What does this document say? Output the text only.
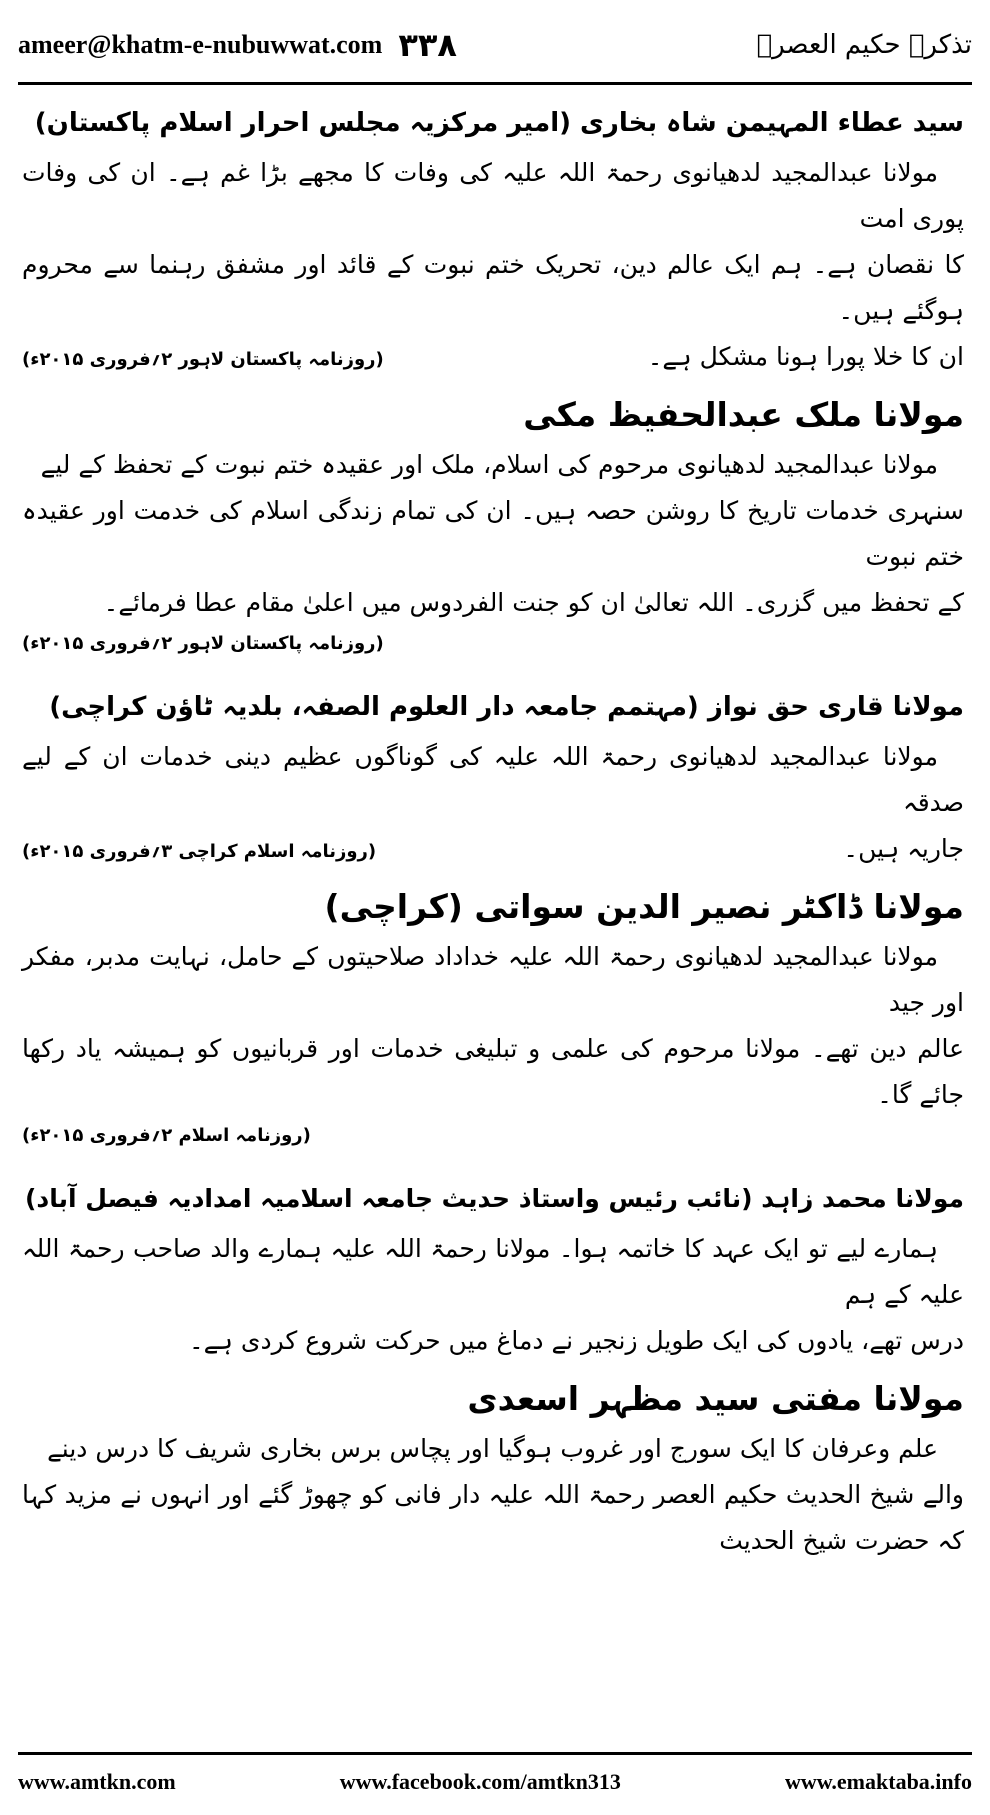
ameer@khatm-e-nubuwwat.com ۳۳۸	تذکرہ حکیم العصرؒ
سید عطاء المہیمن شاہ بخاری (امیر مرکزیہ مجلس احرار اسلام پاکستان)
مولانا عبدالمجید لدھیانوی رحمۃ اللہ علیہ کی وفات کا مجھے بڑا غم ہے۔ ان کی وفات پوری امت
کا نقصان ہے۔ ہم ایک عالم دین، تحریک ختم نبوت کے قائد اور مشفق رہنما سے محروم ہوگئے ہیں۔
ان کا خلا پورا ہونا مشکل ہے۔
(روزنامہ پاکستان لاہور ۲؍فروری ۲۰۱۵ء)
مولانا ملک عبدالحفیظ مکی
مولانا عبدالمجید لدھیانوی مرحوم کی اسلام، ملک اور عقیدہ ختم نبوت کے تحفظ کے لیے
سنہری خدمات تاریخ کا روشن حصہ ہیں۔ ان کی تمام زندگی اسلام کی خدمت اور عقیدہ ختم نبوت
کے تحفظ میں گزری۔ اللہ تعالیٰ ان کو جنت الفردوس میں اعلیٰ مقام عطا فرمائے۔
(روزنامہ پاکستان لاہور ۲؍فروری ۲۰۱۵ء)
مولانا قاری حق نواز (مہتمم جامعہ دار العلوم الصفہ، بلدیہ ٹاؤن کراچی)
مولانا عبدالمجید لدھیانوی رحمۃ اللہ علیہ کی گوناگوں عظیم دینی خدمات ان کے لیے صدقہ
جاریہ ہیں۔
(روزنامہ اسلام کراچی ۳؍فروری ۲۰۱۵ء)
مولانا ڈاکٹر نصیر الدین سواتی (کراچی)
مولانا عبدالمجید لدھیانوی رحمۃ اللہ علیہ خداداد صلاحیتوں کے حامل، نہایت مدبر، مفکر اور جید
عالم دین تھے۔ مولانا مرحوم کی علمی و تبلیغی خدمات اور قربانیوں کو ہمیشہ یاد رکھا جائے گا۔
(روزنامہ اسلام ۲؍فروری ۲۰۱۵ء)
مولانا محمد زاہد (نائب رئیس واستاذ حدیث جامعہ اسلامیہ امدادیہ فیصل آباد)
ہمارے لیے تو ایک عہد کا خاتمہ ہوا۔ مولانا رحمۃ اللہ علیہ ہمارے والد صاحب رحمۃ اللہ علیہ کے ہم
درس تھے، یادوں کی ایک طویل زنجیر نے دماغ میں حرکت شروع کردی ہے۔
مولانا مفتی سید مظہر اسعدی
علم وعرفان کا ایک سورج اور غروب ہوگیا اور پچاس برس بخاری شریف کا درس دینے
والے شیخ الحدیث حکیم العصر رحمۃ اللہ علیہ دار فانی کو چھوڑ گئے اور انہوں نے مزید کہا کہ حضرت شیخ الحدیث
www.amtkn.com	www.facebook.com/amtkn313	www.emaktaba.info
